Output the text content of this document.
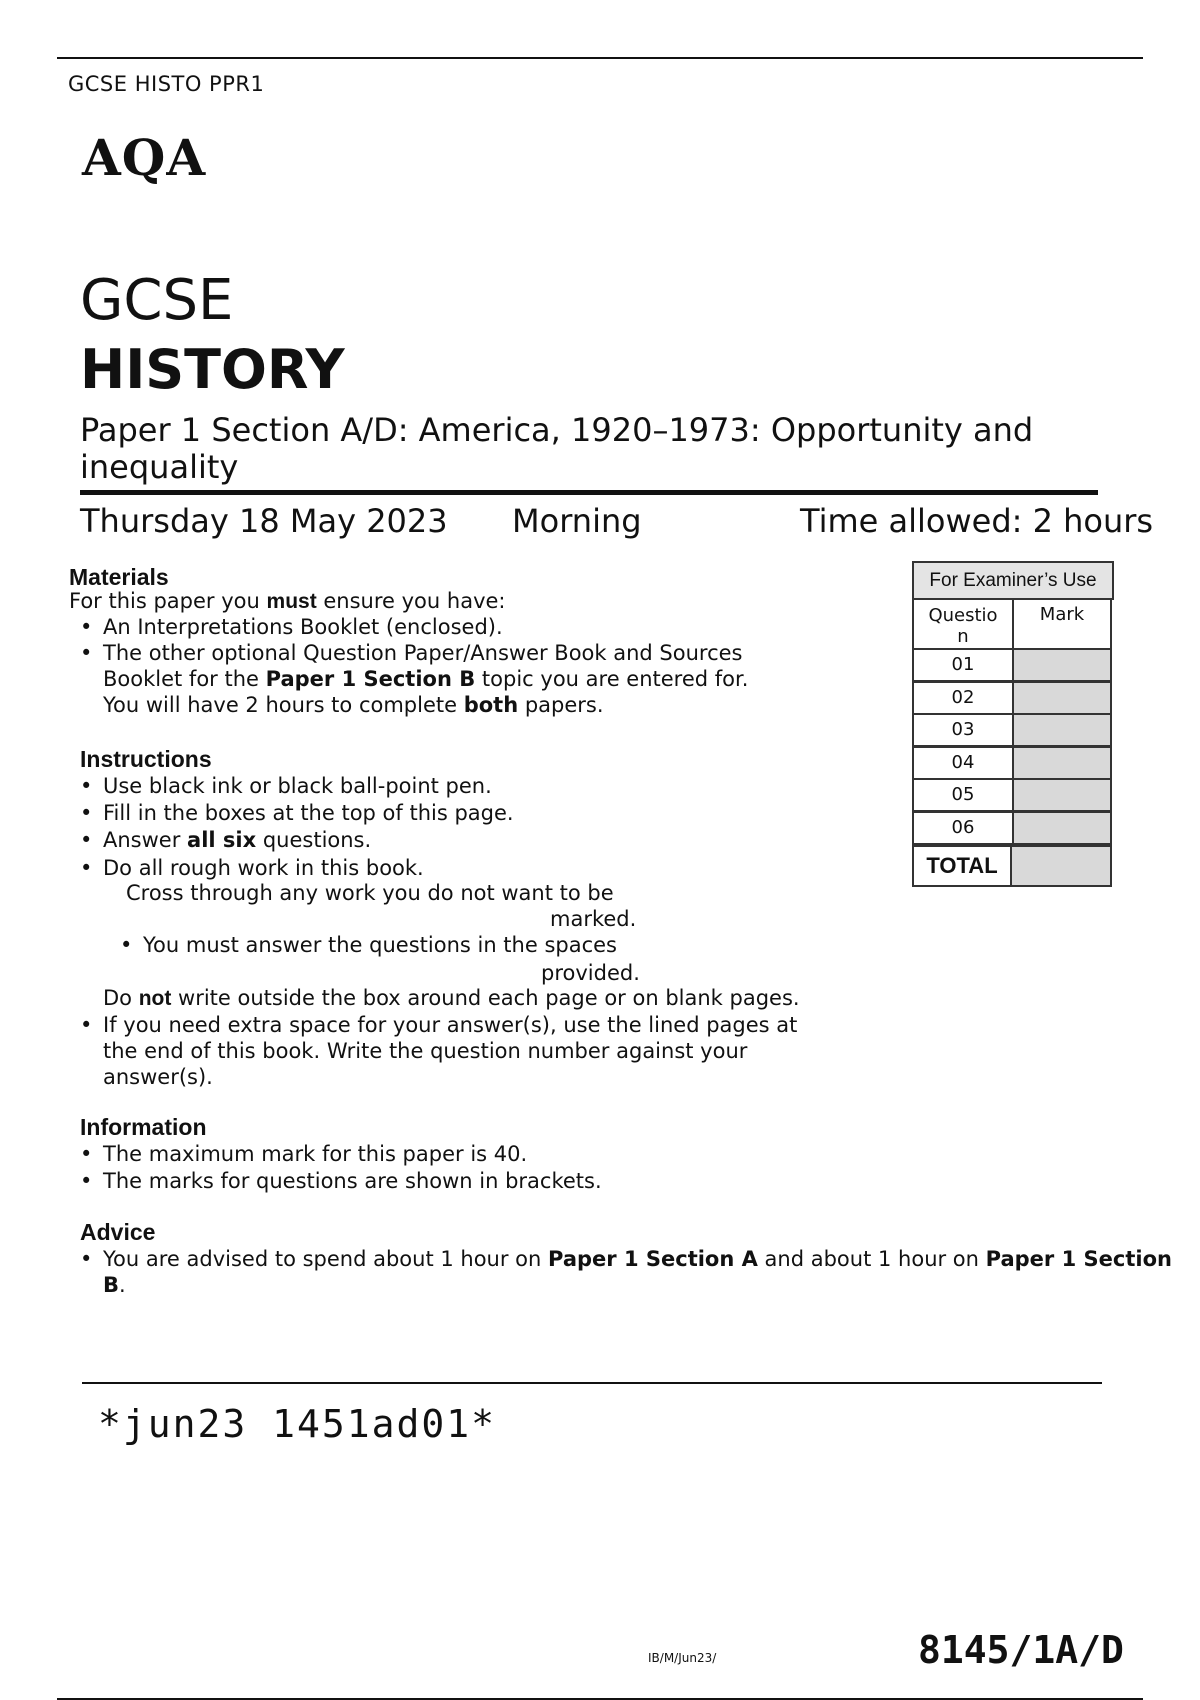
GCSE HISTO PPR1
AQA
GCSE
HISTORY
Paper 1 Section A/D: America, 1920–1973: Opportunity and
inequality
Thursday 18 May 2023 Morning	Time allowed: 2 hours
Materials
For this paper you must ensure you have:
• An Interpretations Booklet (enclosed).
• The other optional Question Paper/Answer Book and Sources
Booklet for the Paper 1 Section B topic you are entered for.
You will have 2 hours to complete both papers.
Instructions
• Use black ink or black ball-point pen.
• Fill in the boxes at the top of this page.
• Answer all six questions.
• Do all rough work in this book.
Cross through any work you do not want to be
marked.
• You must answer the questions in the spaces
provided.
Do not write outside the box around each page or on blank pages.
• If you need extra space for your answer(s), use the lined pages at
the end of this book. Write the question number against your
answer(s).
Information
• The maximum mark for this paper is 40.
• The marks for questions are shown in brackets.
Advice
• You are advised to spend about 1 hour on Paper 1 Section A and about 1 hour on Paper 1 Section
B.
For Examiner’s Use
Questio
n
Mark
01
02
03
04
05
06
TOTAL
*jun23 1451ad01*
IB/M/Jun23/	8145/1A/D
